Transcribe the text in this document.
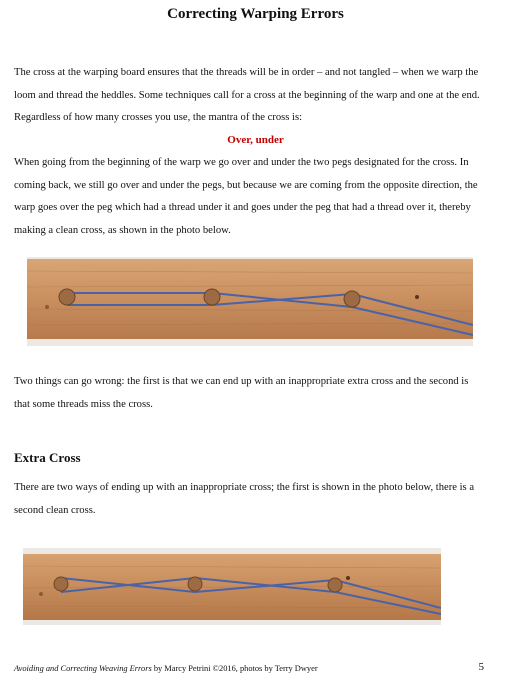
Correcting Warping Errors

The cross at the warping board ensures that the threads will be in order – and not tangled – when we warp the loom and thread the heddles. Some techniques call for a cross at the beginning of the warp and one at the end. Regardless of how many crosses you use, the mantra of the cross is:

Over, under

When going from the beginning of the warp we go over and under the two pegs designated for the cross. In coming back, we still go over and under the pegs, but because we are coming from the opposite direction, the warp goes over the peg which had a thread under it and goes under the peg that had a thread over it, thereby making a clean cross, as shown in the photo below.

Two things can go wrong: the first is that we can end up with an inappropriate extra cross and the second is that some threads miss the cross.

Extra Cross

There are two ways of ending up with an inappropriate cross; the first is shown in the photo below, there is a second clean cross.

Avoiding and Correcting Weaving Errors by Marcy Petrini ©2016, photos by Terry Dwyer	5
